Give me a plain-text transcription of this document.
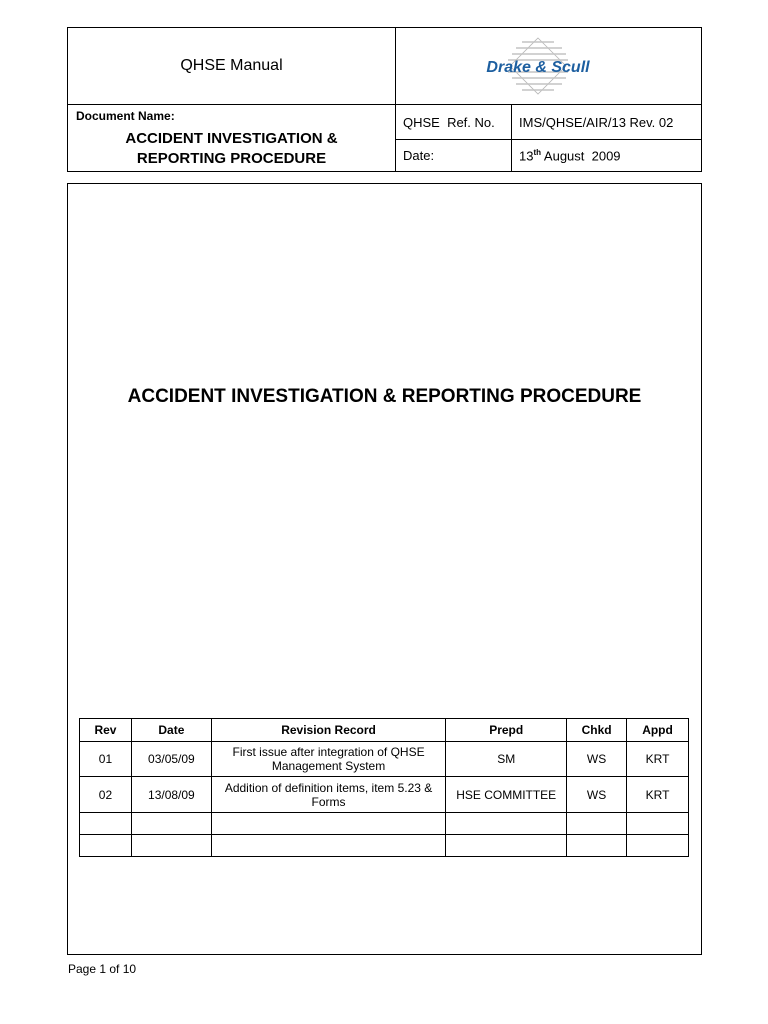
QHSE Manual	Drake & Scull
Document Name:
ACCIDENT INVESTIGATION &
REPORTING PROCEDURE
QHSE  Ref. No. IMS/QHSE/AIR/13 Rev. 02
Date:	13th August  2009
ACCIDENT INVESTIGATION & REPORTING PROCEDURE
Rev	Date	Revision Record	Prepd	Chkd	Appd
01	03/05/09	First issue after integration of QHSE Management System	SM	WS	KRT
02	13/08/09	Addition of definition items, item 5.23 & Forms	HSE COMMITTEE	WS	KRT

Page 1 of 10
